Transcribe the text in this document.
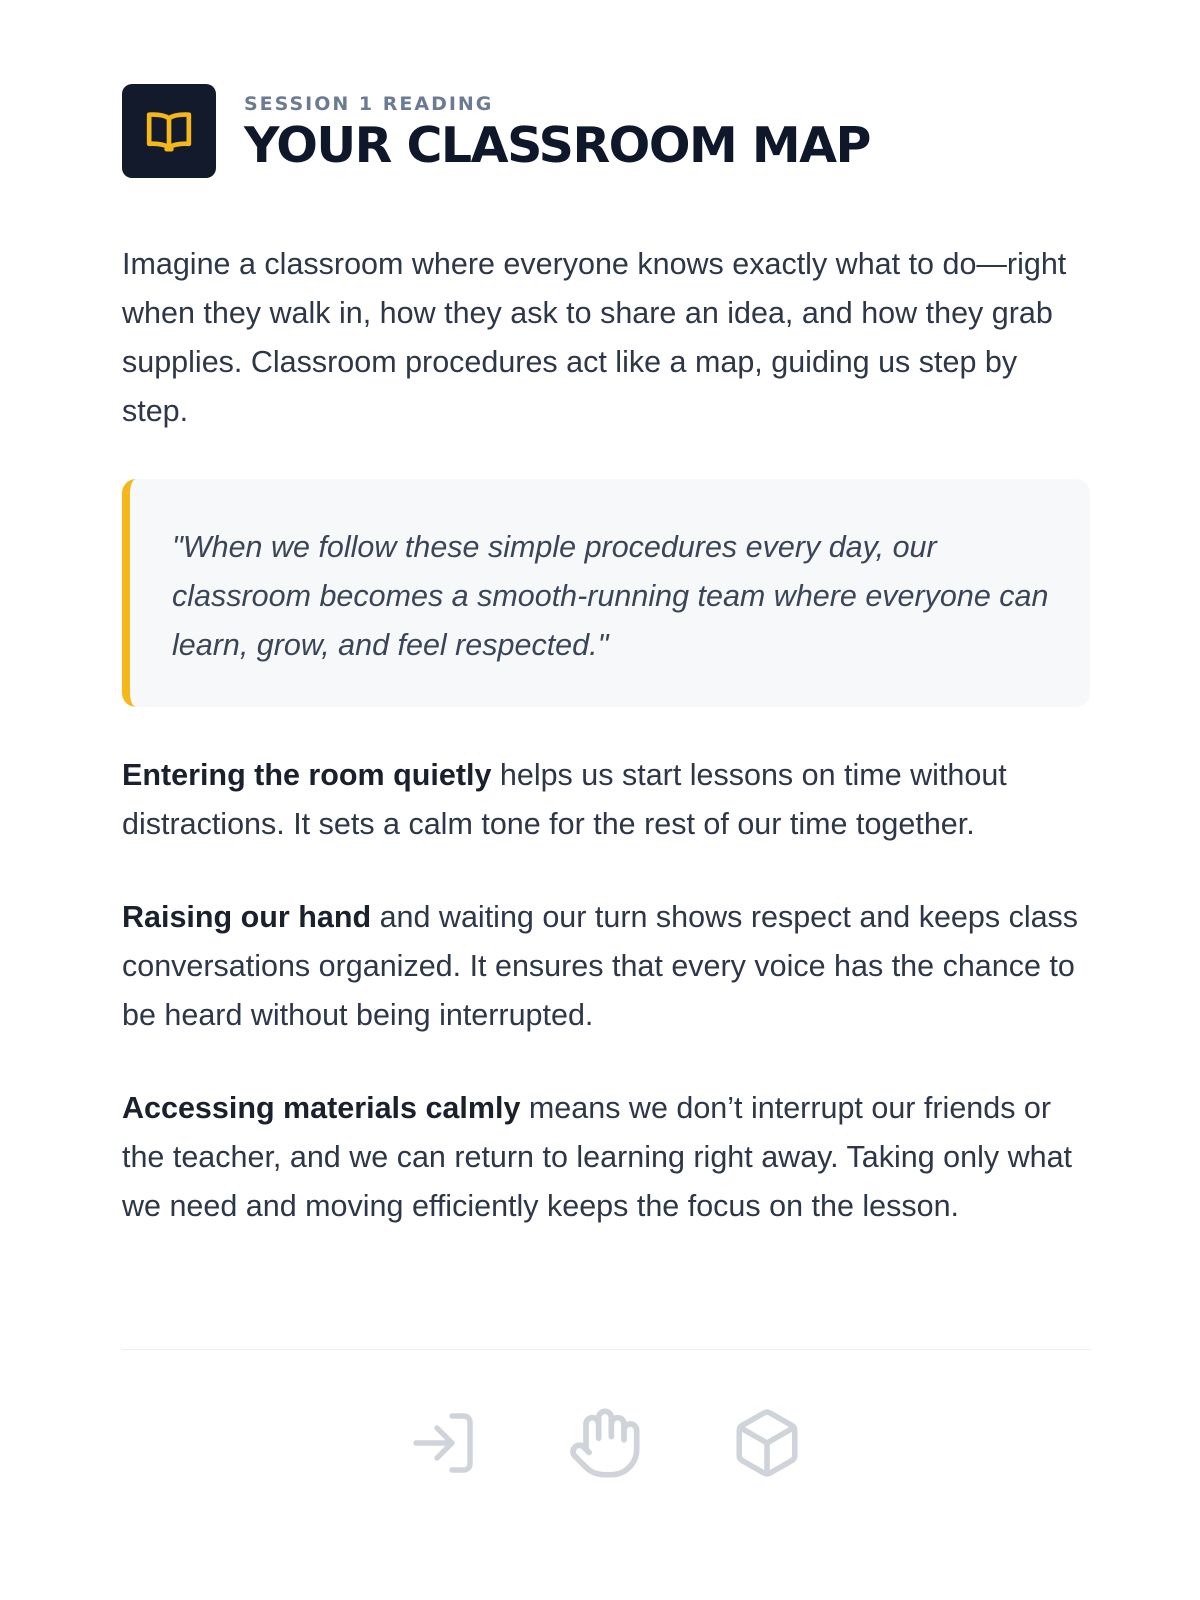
SESSION 1 READING
YOUR CLASSROOM MAP

Imagine a classroom where everyone knows exactly what to do—right when they walk in, how they ask to share an idea, and how they grab supplies. Classroom procedures act like a map, guiding us step by step.

"When we follow these simple procedures every day, our classroom becomes a smooth-running team where everyone can learn, grow, and feel respected."

Entering the room quietly helps us start lessons on time without distractions. It sets a calm tone for the rest of our time together.

Raising our hand and waiting our turn shows respect and keeps class conversations organized. It ensures that every voice has the chance to be heard without being interrupted.

Accessing materials calmly means we don’t interrupt our friends or the teacher, and we can return to learning right away. Taking only what we need and moving efficiently keeps the focus on the lesson.
